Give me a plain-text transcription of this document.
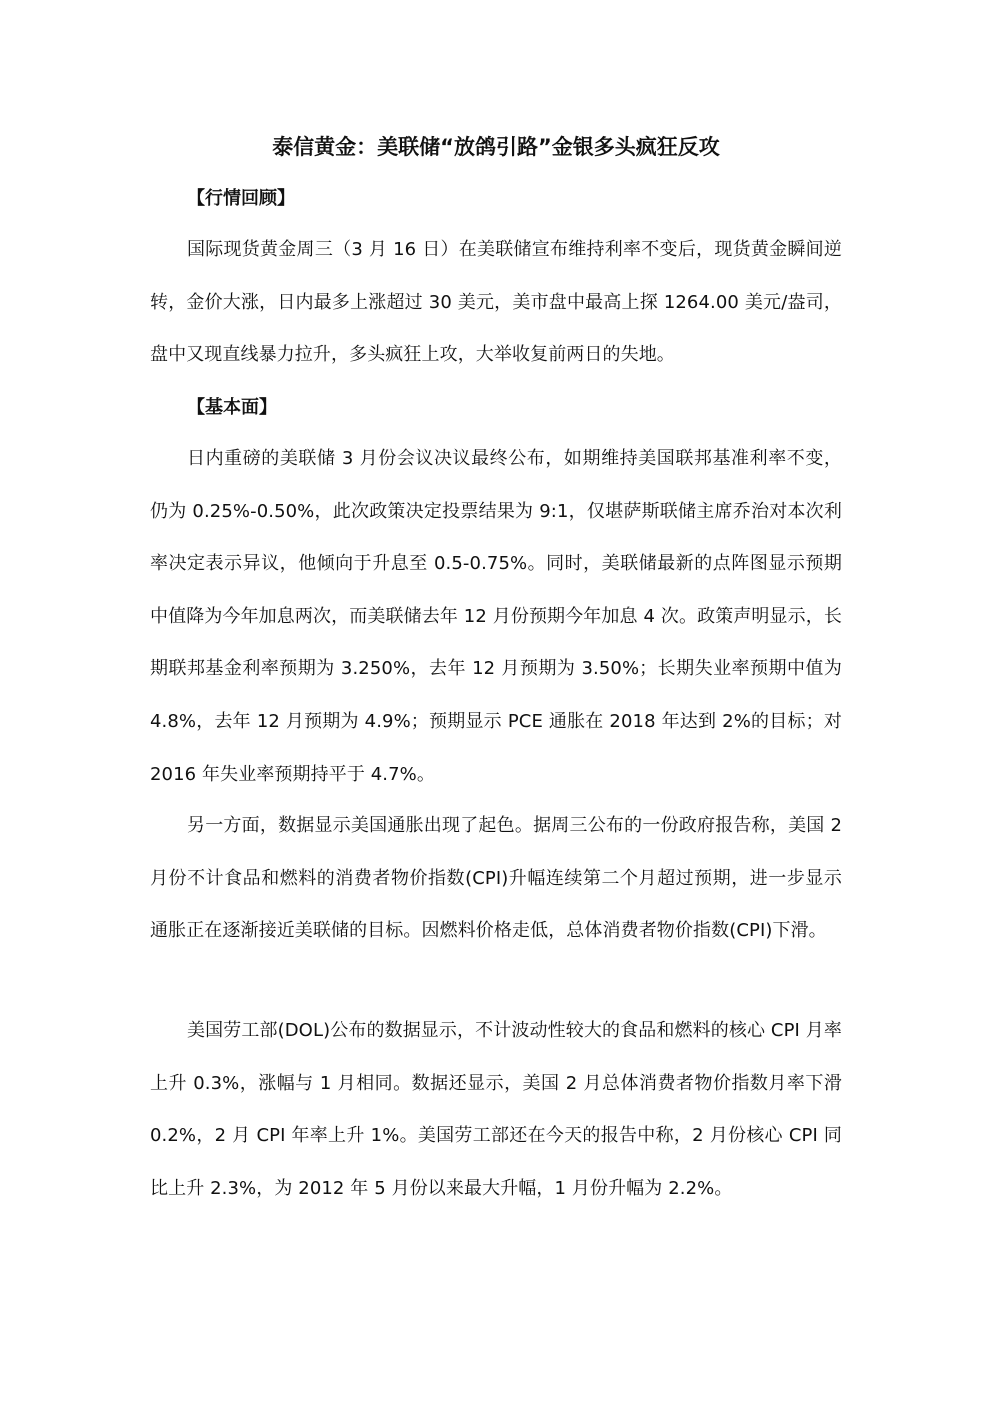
泰信黄金：美联储“放鸽引路”金银多头疯狂反攻
【行情回顾】

国际现货黄金周三（3 月 16 日）在美联储宣布维持利率不变后，现货黄金瞬间逆转，金价大涨，日内最多上涨超过 30 美元，美市盘中最高上探 1264.00 美元/盎司，盘中又现直线暴力拉升，多头疯狂上攻，大举收复前两日的失地。

【基本面】

日内重磅的美联储 3 月份会议决议最终公布，如期维持美国联邦基准利率不变，仍为 0.25%-0.50%，此次政策决定投票结果为 9:1，仅堪萨斯联储主席乔治对本次利率决定表示异议，他倾向于升息至 0.5-0.75%。同时，美联储最新的点阵图显示预期中值降为今年加息两次，而美联储去年 12 月份预期今年加息 4 次。政策声明显示，长期联邦基金利率预期为 3.250%，去年 12 月预期为 3.50%；长期失业率预期中值为 4.8%，去年 12 月预期为 4.9%；预期显示 PCE 通胀在 2018 年达到 2%的目标；对 2016 年失业率预期持平于 4.7%。

另一方面，数据显示美国通胀出现了起色。据周三公布的一份政府报告称，美国 2 月份不计食品和燃料的消费者物价指数(CPI)升幅连续第二个月超过预期，进一步显示通胀正在逐渐接近美联储的目标。因燃料价格走低，总体消费者物价指数(CPI)下滑。

美国劳工部(DOL)公布的数据显示，不计波动性较大的食品和燃料的核心 CPI 月率上升 0.3%，涨幅与 1 月相同。数据还显示，美国 2 月总体消费者物价指数月率下滑 0.2%，2 月 CPI 年率上升 1%。美国劳工部还在今天的报告中称，2 月份核心 CPI 同比上升 2.3%，为 2012 年 5 月份以来最大升幅，1 月份升幅为 2.2%。
